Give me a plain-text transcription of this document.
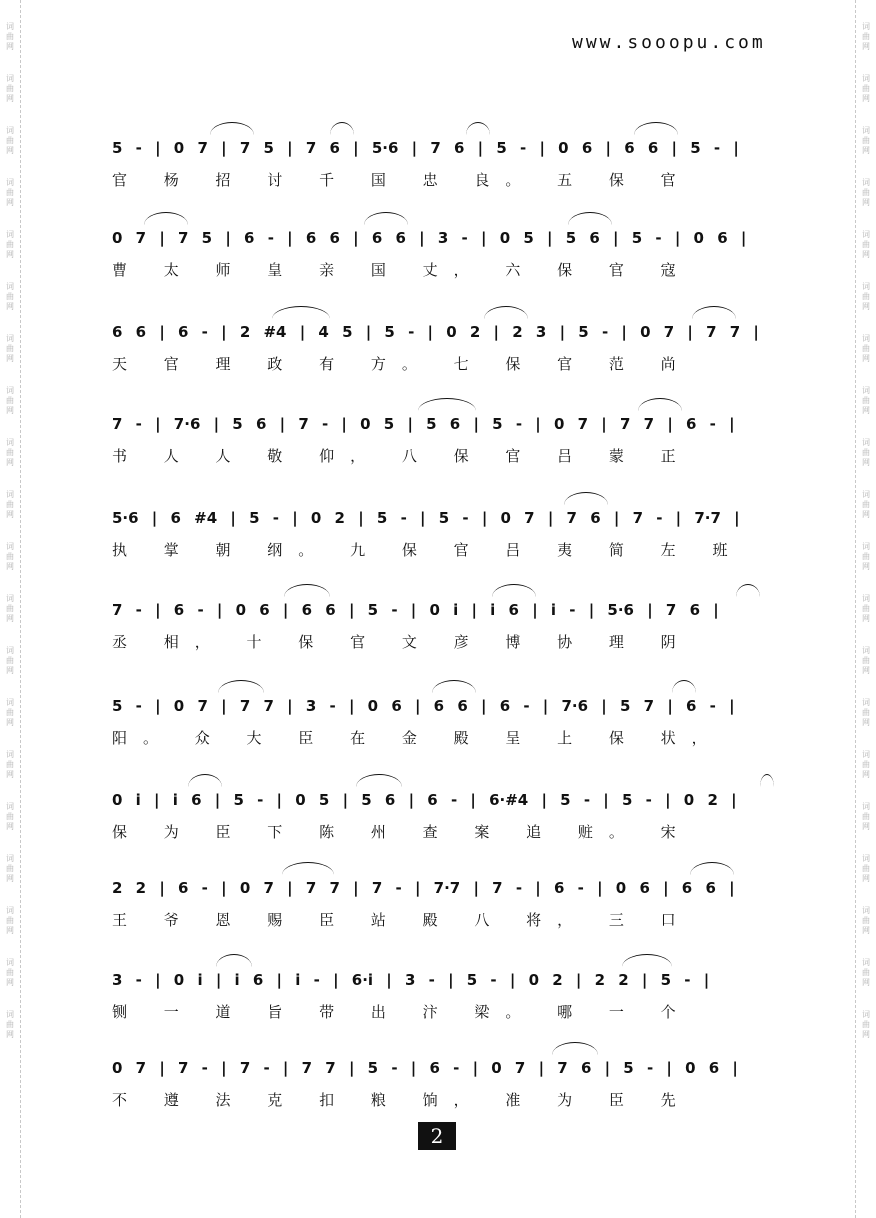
词
曲
网
词
曲
网
词
曲
网
词
曲
网
词
曲
网
词
曲
网
词
曲
网
词
曲
网
词
曲
网
词
曲
网
词
曲
网
词
曲
网
词
曲
网
词
曲
网
词
曲
网
词
曲
网
词
曲
网
词
曲
网
词
曲
网
词
曲
网
词
曲
网
词
曲
网
词
曲
网
词
曲
网
词
曲
网
词
曲
网
词
曲
网
词
曲
网
词
曲
网
词
曲
网
词
曲
网
词
曲
网
词
曲
网
词
曲
网
词
曲
网
词
曲
网
词
曲
网
词
曲
网
词
曲
网
词
曲
网
www.sooopu.com
5 - | 0 7 | 7 5 | 7 6 | 5·6 | 7 6 | 5 - | 0 6 | 6 6 | 5 - |
官 杨 招 讨 千 国 忠 良。 五 保 官
0 7 | 7 5 | 6 - | 6 6 | 6 6 | 3 - | 0 5 | 5 6 | 5 - | 0 6 |
曹 太 师 皇 亲 国 丈， 六 保 官 寇
6 6 | 6 - | 2 #4 | 4 5 | 5 - | 0 2 | 2 3 | 5 - | 0 7 | 7 7 |
天 官 理 政 有 方。 七 保 官 范 尚
7 - | 7·6 | 5 6 | 7 - | 0 5 | 5 6 | 5 - | 0 7 | 7 7 | 6 - |
书 人 人 敬 仰， 八 保 官 吕 蒙 正
5·6 | 6 #4 | 5 - | 0 2 | 5 - | 5 - | 0 7 | 7 6 | 7 - | 7·7 |
执 掌 朝 纲。 九 保 官 吕 夷 简 左 班
7 - | 6 - | 0 6 | 6 6 | 5 - | 0 i | i 6 | i - | 5·6 | 7 6 |
丞 相， 十 保 官 文 彦 博 协 理 阴
5 - | 0 7 | 7 7 | 3 - | 0 6 | 6 6 | 6 - | 7·6 | 5 7 | 6 - |
阳。 众 大 臣 在 金 殿 呈 上 保 状，
0 i | i 6 | 5 - | 0 5 | 5 6 | 6 - | 6·#4 | 5 - | 5 - | 0 2 |
保 为 臣 下 陈 州 查 案 追 赃。 宋
2 2 | 6 - | 0 7 | 7 7 | 7 - | 7·7 | 7 - | 6 - | 0 6 | 6 6 |
王 爷 恩 赐 臣 站 殿 八 将， 三 口
3 - | 0 i | i 6 | i - | 6·i | 3 - | 5 - | 0 2 | 2 2 | 5 - |
铡 一 道 旨 带 出 汴 梁。 哪 一 个
0 7 | 7 - | 7 - | 7 7 | 5 - | 6 - | 0 7 | 7 6 | 5 - | 0 6 |
不 遵 法 克 扣 粮 饷， 准 为 臣 先
2
